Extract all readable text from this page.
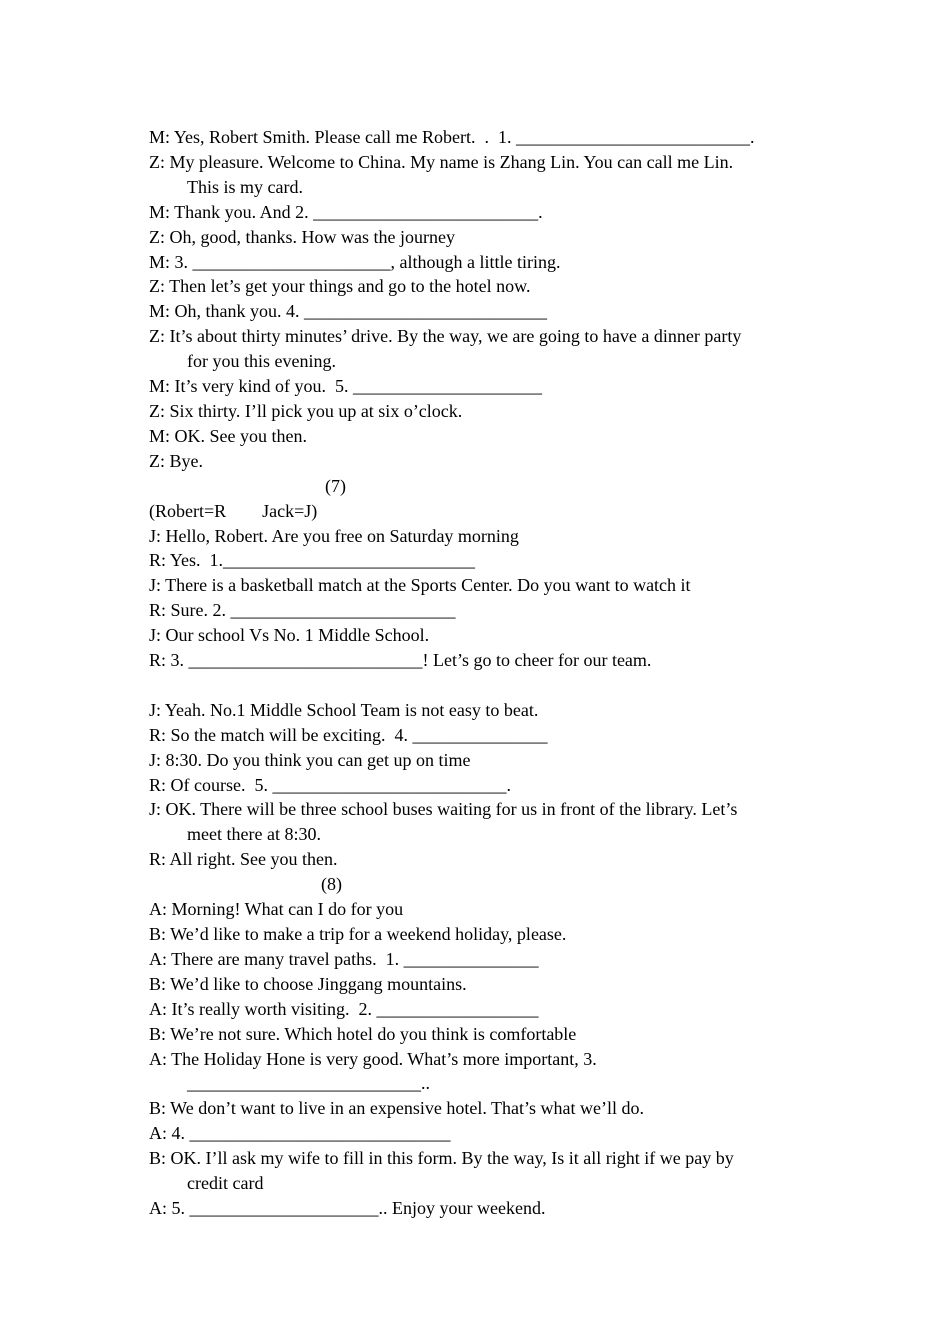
M: Yes, Robert Smith. Please call me Robert.  .  1. __________________________.

Z: My pleasure. Welcome to China. My name is Zhang Lin. You can call me Lin.

This is my card.

M: Thank you. And 2. _________________________.

Z: Oh, good, thanks. How was the journey

M: 3. ______________________, although a little tiring.

Z: Then let’s get your things and go to the hotel now.

M: Oh, thank you. 4. ___________________________

Z: It’s about thirty minutes’ drive. By the way, we are going to have a dinner party

for you this evening.

M: It’s very kind of you.  5. _____________________

Z: Six thirty. I’ll pick you up at six o’clock.

M: OK. See you then.

Z: Bye.

(7)

(Robert=R        Jack=J)

J: Hello, Robert. Are you free on Saturday morning

R: Yes.  1.____________________________

J: There is a basketball match at the Sports Center. Do you want to watch it

R: Sure. 2. _________________________

J: Our school Vs No. 1 Middle School.

R: 3. __________________________! Let’s go to cheer for our team.

J: Yeah. No.1 Middle School Team is not easy to beat.

R: So the match will be exciting.  4. _______________

J: 8:30. Do you think you can get up on time

R: Of course.  5. __________________________.

J: OK. There will be three school buses waiting for us in front of the library. Let’s

meet there at 8:30.

R: All right. See you then.

(8)

A: Morning! What can I do for you

B: We’d like to make a trip for a weekend holiday, please.

A: There are many travel paths.  1. _______________

B: We’d like to choose Jinggang mountains.

A: It’s really worth visiting.  2. __________________

B: We’re not sure. Which hotel do you think is comfortable

A: The Holiday Hone is very good. What’s more important, 3.

__________________________..

B: We don’t want to live in an expensive hotel. That’s what we’ll do.

A: 4. _____________________________

B: OK. I’ll ask my wife to fill in this form. By the way, Is it all right if we pay by

credit card

A: 5. _____________________.. Enjoy your weekend.
